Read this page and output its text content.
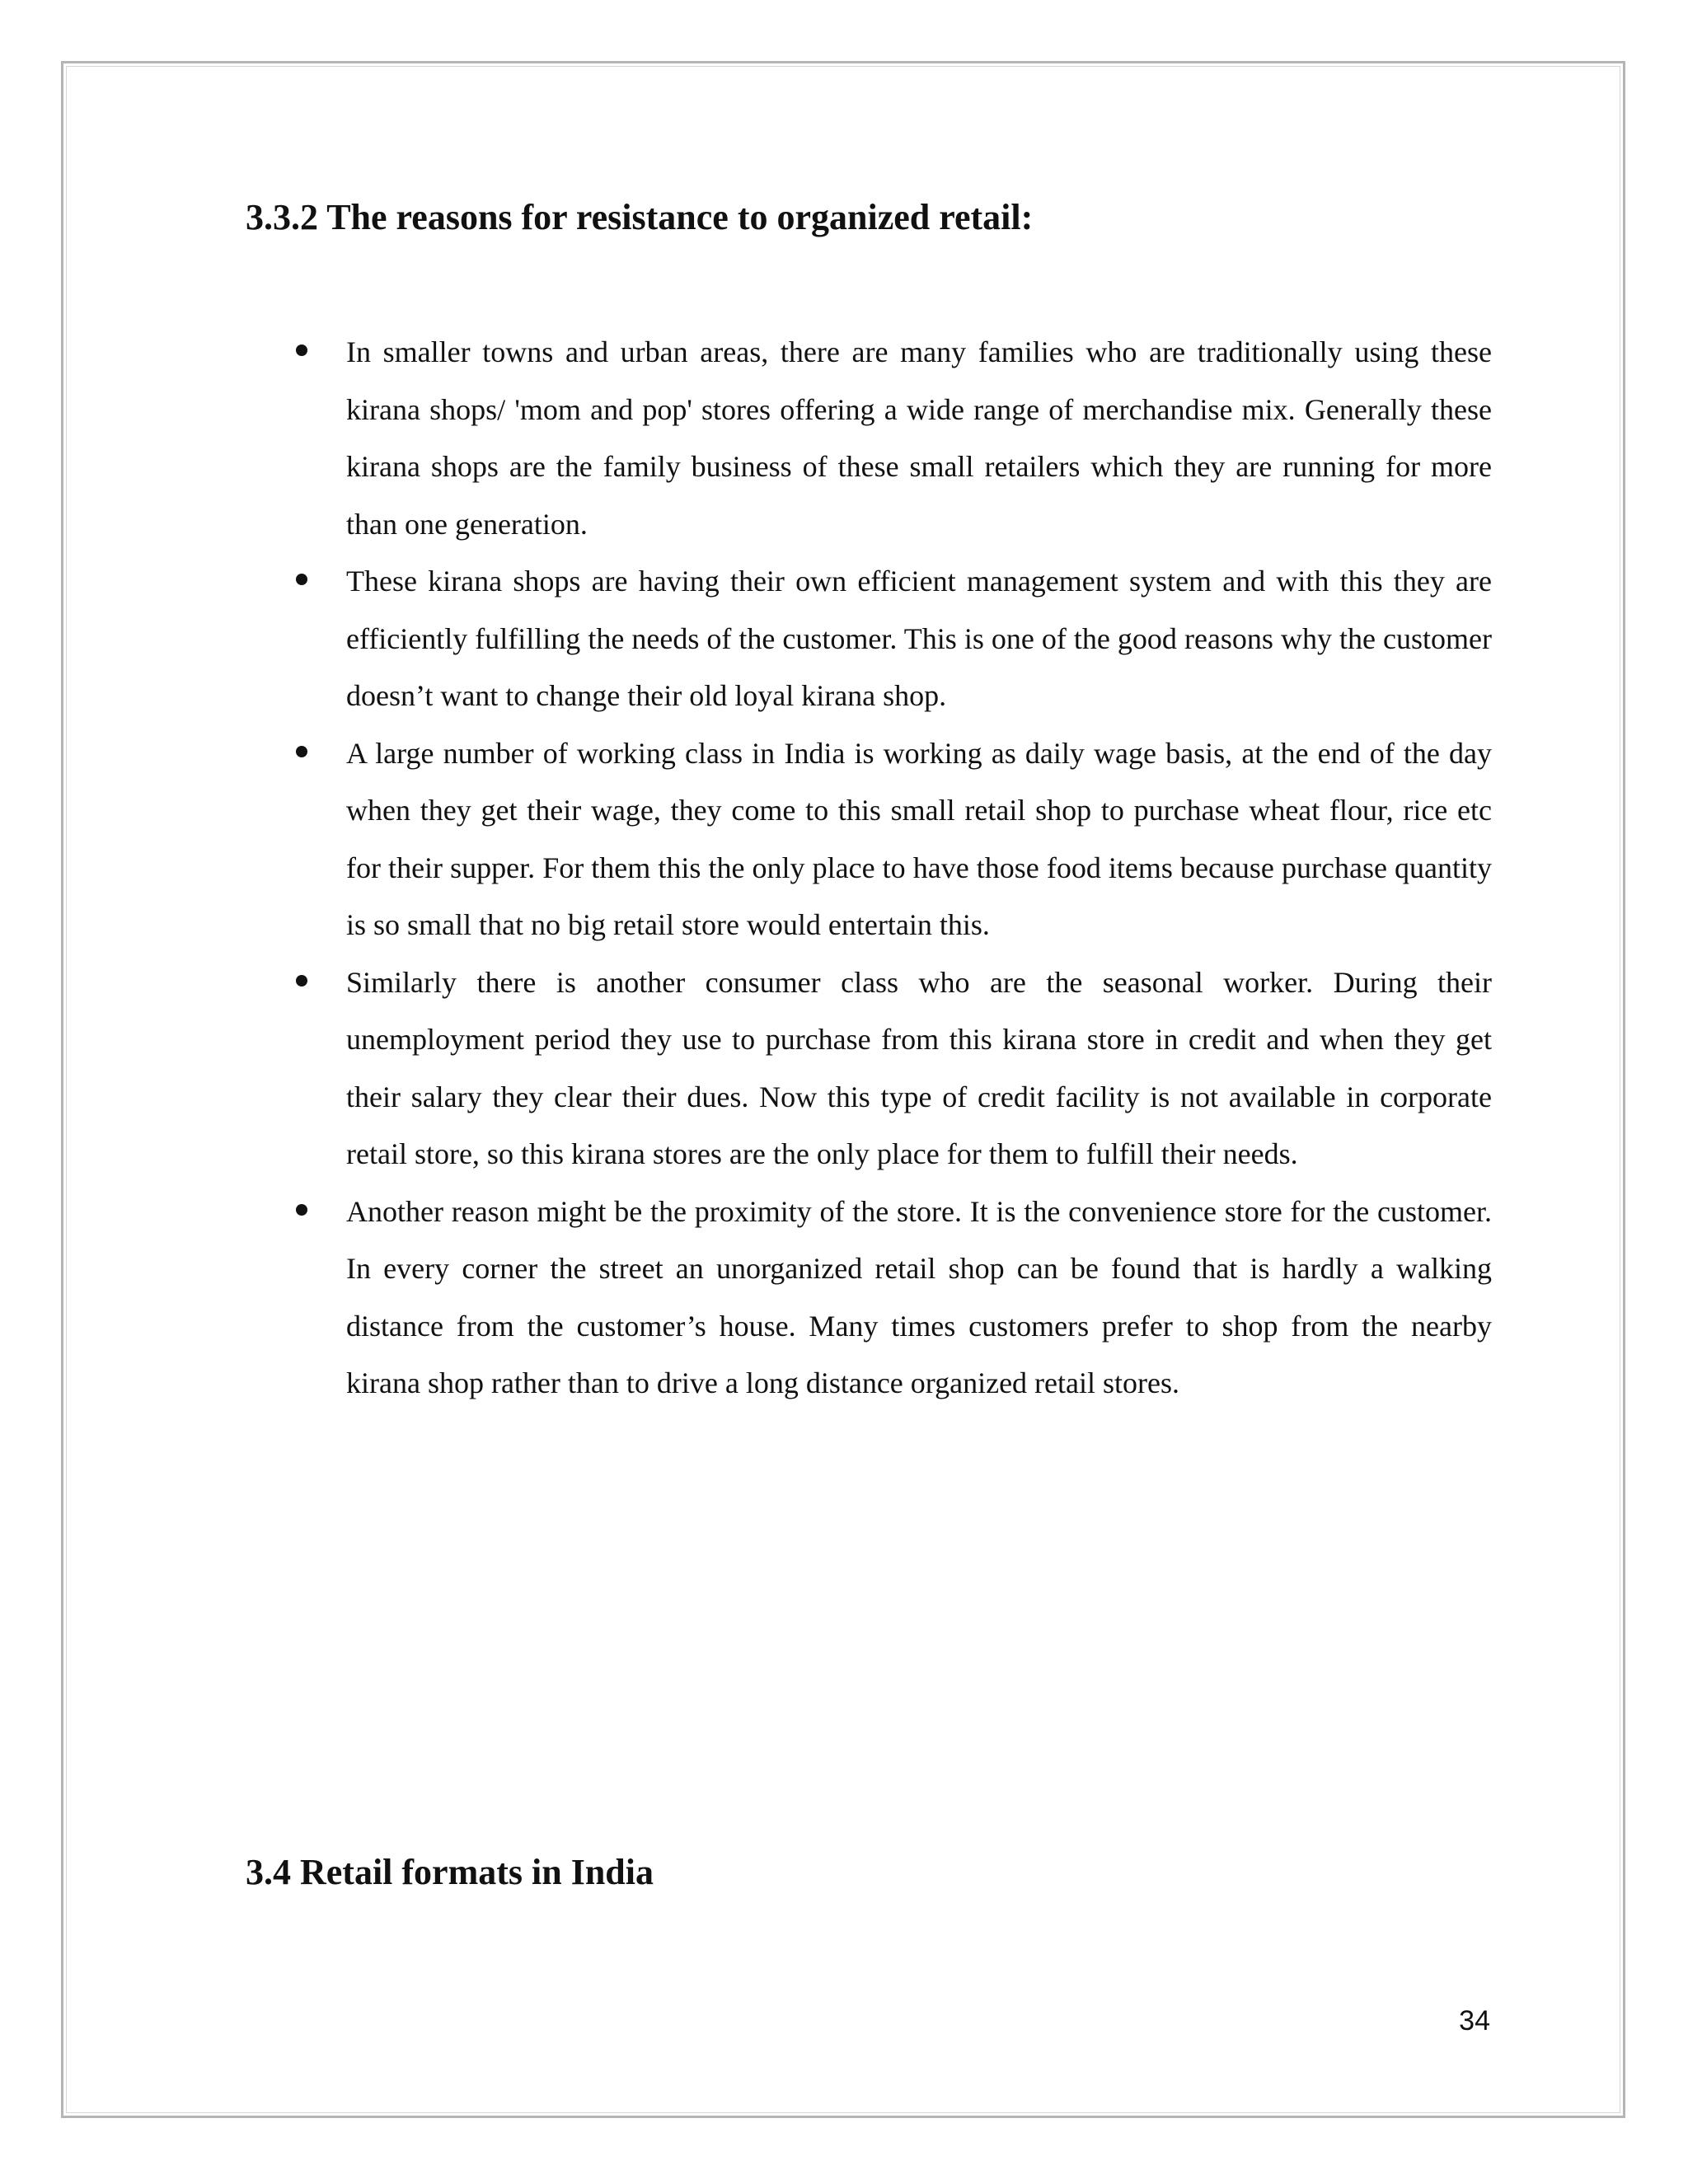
3.3.2 The reasons for resistance to organized retail:
In smaller towns and urban areas, there are many families who are traditionally using these kirana shops/ 'mom and pop' stores offering a wide range of merchandise mix. Generally these kirana shops are the family business of these small retailers which they are running for more than one generation.
These kirana shops are having their own efficient management system and with this they are efficiently fulfilling the needs of the customer. This is one of the good reasons why the customer doesn’t want to change their old loyal kirana shop.
A large number of working class in India is working as daily wage basis, at the end of the day when they get their wage, they come to this small retail shop to purchase wheat flour, rice etc for their supper. For them this the only place to have those food items because purchase quantity is so small that no big retail store would entertain this.
Similarly there is another consumer class who are the seasonal worker. During their unemployment period they use to purchase from this kirana store in credit and when they get their salary they clear their dues. Now this type of credit facility is not available in corporate retail store, so this kirana stores are the only place for them to fulfill their needs.
Another reason might be the proximity of the store. It is the convenience store for the customer. In every corner the street an unorganized retail shop can be found that is hardly a walking distance from the customer’s house. Many times customers prefer to shop from the nearby kirana shop rather than to drive a long distance organized retail stores.
3.4 Retail formats in India
34
